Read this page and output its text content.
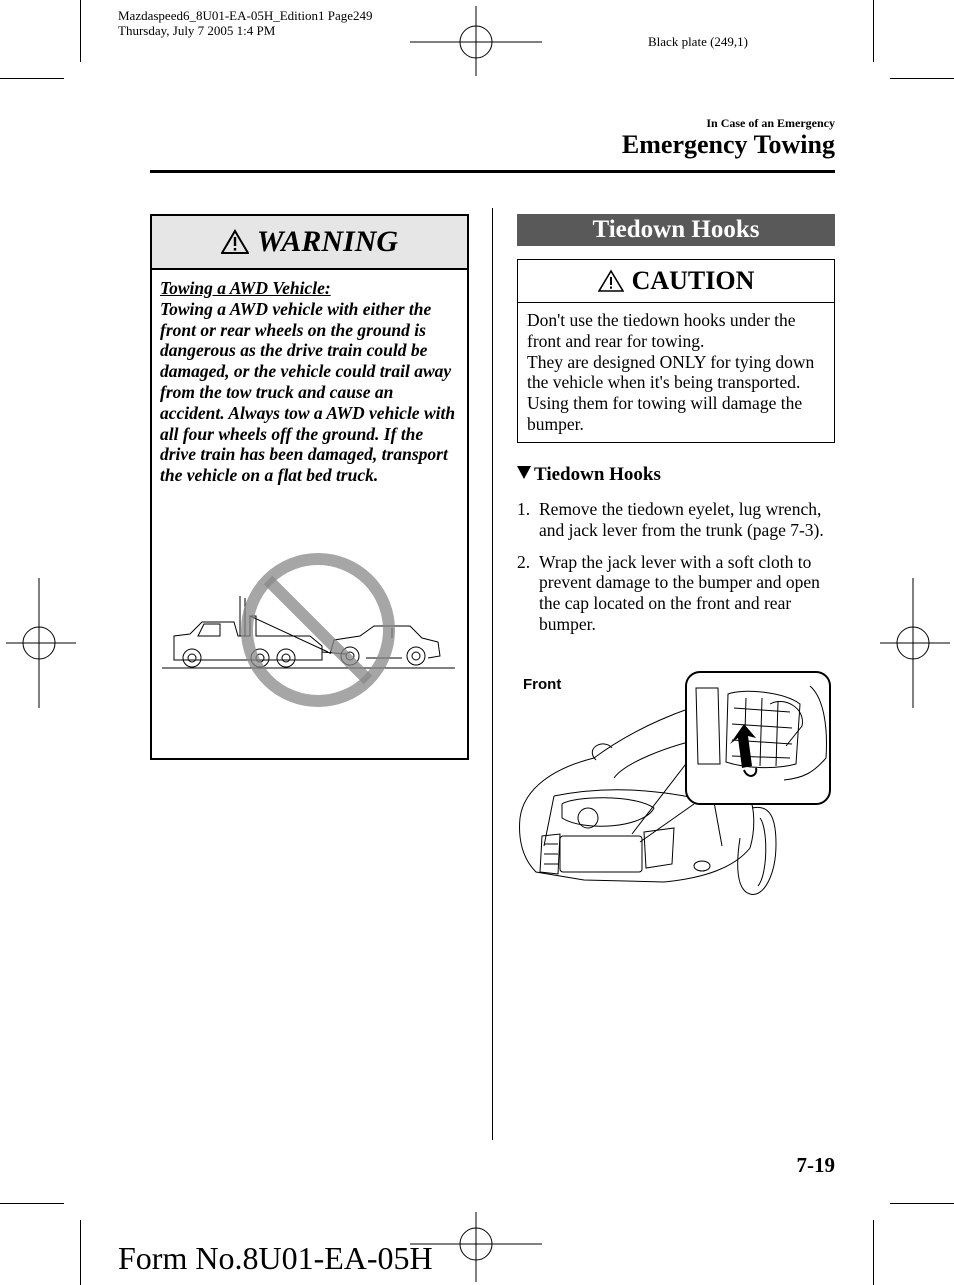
Mazdaspeed6_8U01-EA-05H_Edition1 Page249
Thursday, July 7 2005 1:4 PM
Black plate (249,1)
In Case of an Emergency
Emergency Towing
WARNING
Towing a AWD Vehicle:
Towing a AWD vehicle with either the front or rear wheels on the ground is dangerous as the drive train could be damaged, or the vehicle could trail away from the tow truck and cause an accident. Always tow a AWD vehicle with all four wheels off the ground. If the drive train has been damaged, transport the vehicle on a flat bed truck.
Tiedown Hooks
CAUTION
Don't use the tiedown hooks under the front and rear for towing.
They are designed ONLY for tying down the vehicle when it's being transported. Using them for towing will damage the bumper.
Tiedown Hooks
1. Remove the tiedown eyelet, lug wrench, and jack lever from the trunk (page 7-3).
2. Wrap the jack lever with a soft cloth to prevent damage to the bumper and open the cap located on the front and rear bumper.
Front
7-19
Form No.8U01-EA-05H
